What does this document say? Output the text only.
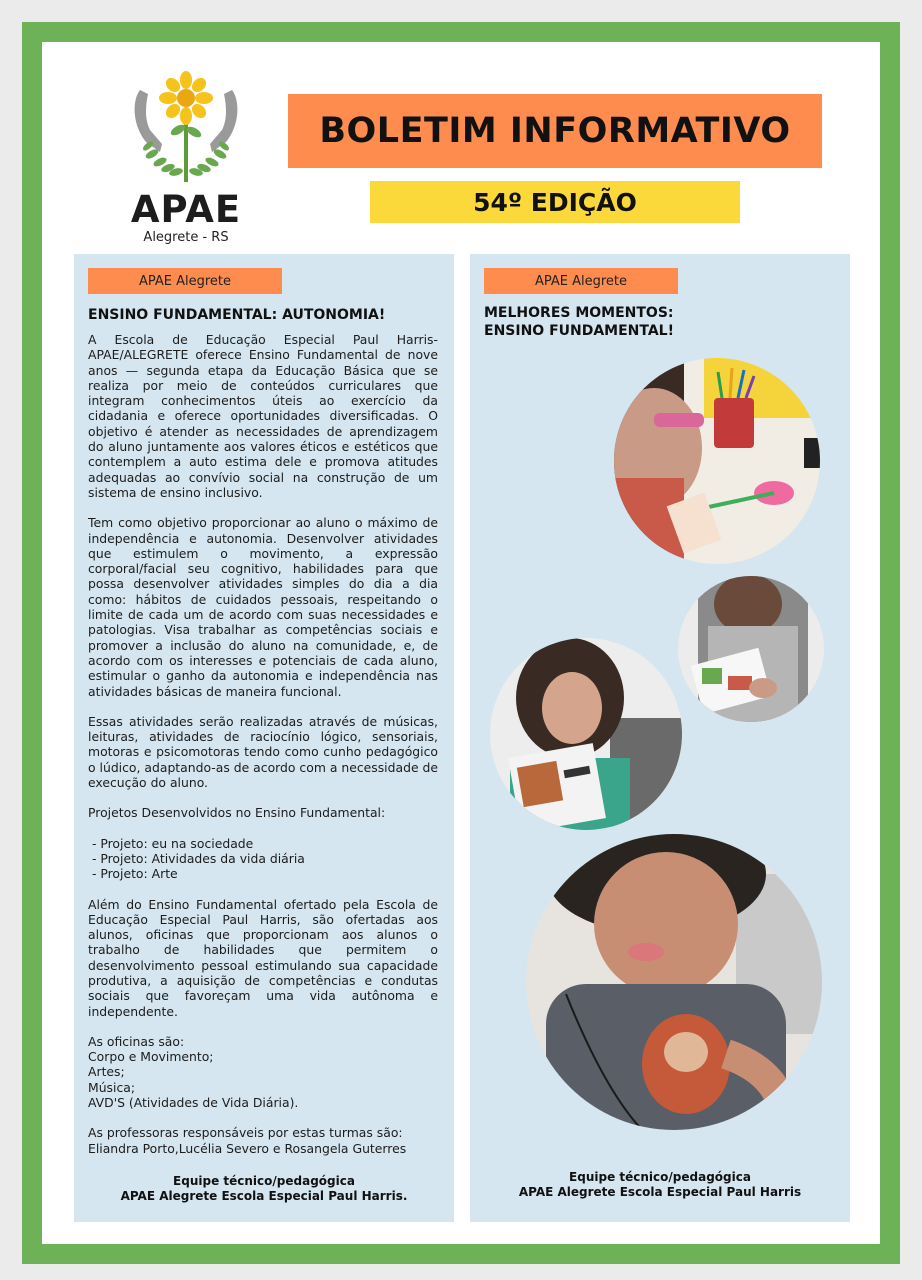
APAE
Alegrete - RS
BOLETIM INFORMATIVO
54º EDIÇÃO
APAE Alegrete
ENSINO FUNDAMENTAL: AUTONOMIA!

A Escola de Educação Especial Paul Harris- APAE/ALEGRETE oferece Ensino Fundamental de nove anos — segunda etapa da Educação Básica que se realiza por meio de conteúdos curriculares que integram conhecimentos úteis ao exercício da cidadania e oferece oportunidades diversificadas. O objetivo é atender as necessidades de aprendizagem do aluno juntamente aos valores éticos e estéticos que contemplem a auto estima dele e promova atitudes adequadas ao convívio social na construção de um sistema de ensino inclusivo.

Tem como objetivo proporcionar ao aluno o máximo de independência e autonomia. Desenvolver atividades que estimulem o movimento, a expressão corporal/facial seu cognitivo, habilidades para que possa desenvolver atividades simples do dia a dia como: hábitos de cuidados pessoais, respeitando o limite de cada um de acordo com suas necessidades e patologias. Visa trabalhar as competências sociais e promover a inclusão do aluno na comunidade, e, de acordo com os interesses e potenciais de cada aluno, estimular o ganho da autonomia e independência nas atividades básicas de maneira funcional.

Essas atividades serão realizadas através de músicas, leituras, atividades de raciocínio lógico, sensoriais, motoras e psicomotoras tendo como cunho pedagógico o lúdico, adaptando-as de acordo com a necessidade de execução do aluno.

Projetos Desenvolvidos no Ensino Fundamental:

- Projeto: eu na sociedade
- Projeto: Atividades da vida diária
- Projeto: Arte

Além do Ensino Fundamental ofertado pela Escola de Educação Especial Paul Harris, são ofertadas aos alunos, oficinas que proporcionam aos alunos o trabalho de habilidades que permitem o desenvolvimento pessoal estimulando sua capacidade produtiva, a aquisição de competências e condutas sociais que favoreçam uma vida autônoma e independente.

As oficinas são:
Corpo e Movimento;
Artes;
Música;
AVD'S (Atividades de Vida Diária).
As professoras responsáveis por estas turmas são:
Eliandra Porto,Lucélia Severo e Rosangela Guterres
Equipe técnico/pedagógica
APAE Alegrete Escola Especial Paul Harris.
APAE Alegrete
MELHORES MOMENTOS:
ENSINO FUNDAMENTAL!
Equipe técnico/pedagógica
APAE Alegrete Escola Especial Paul Harris
